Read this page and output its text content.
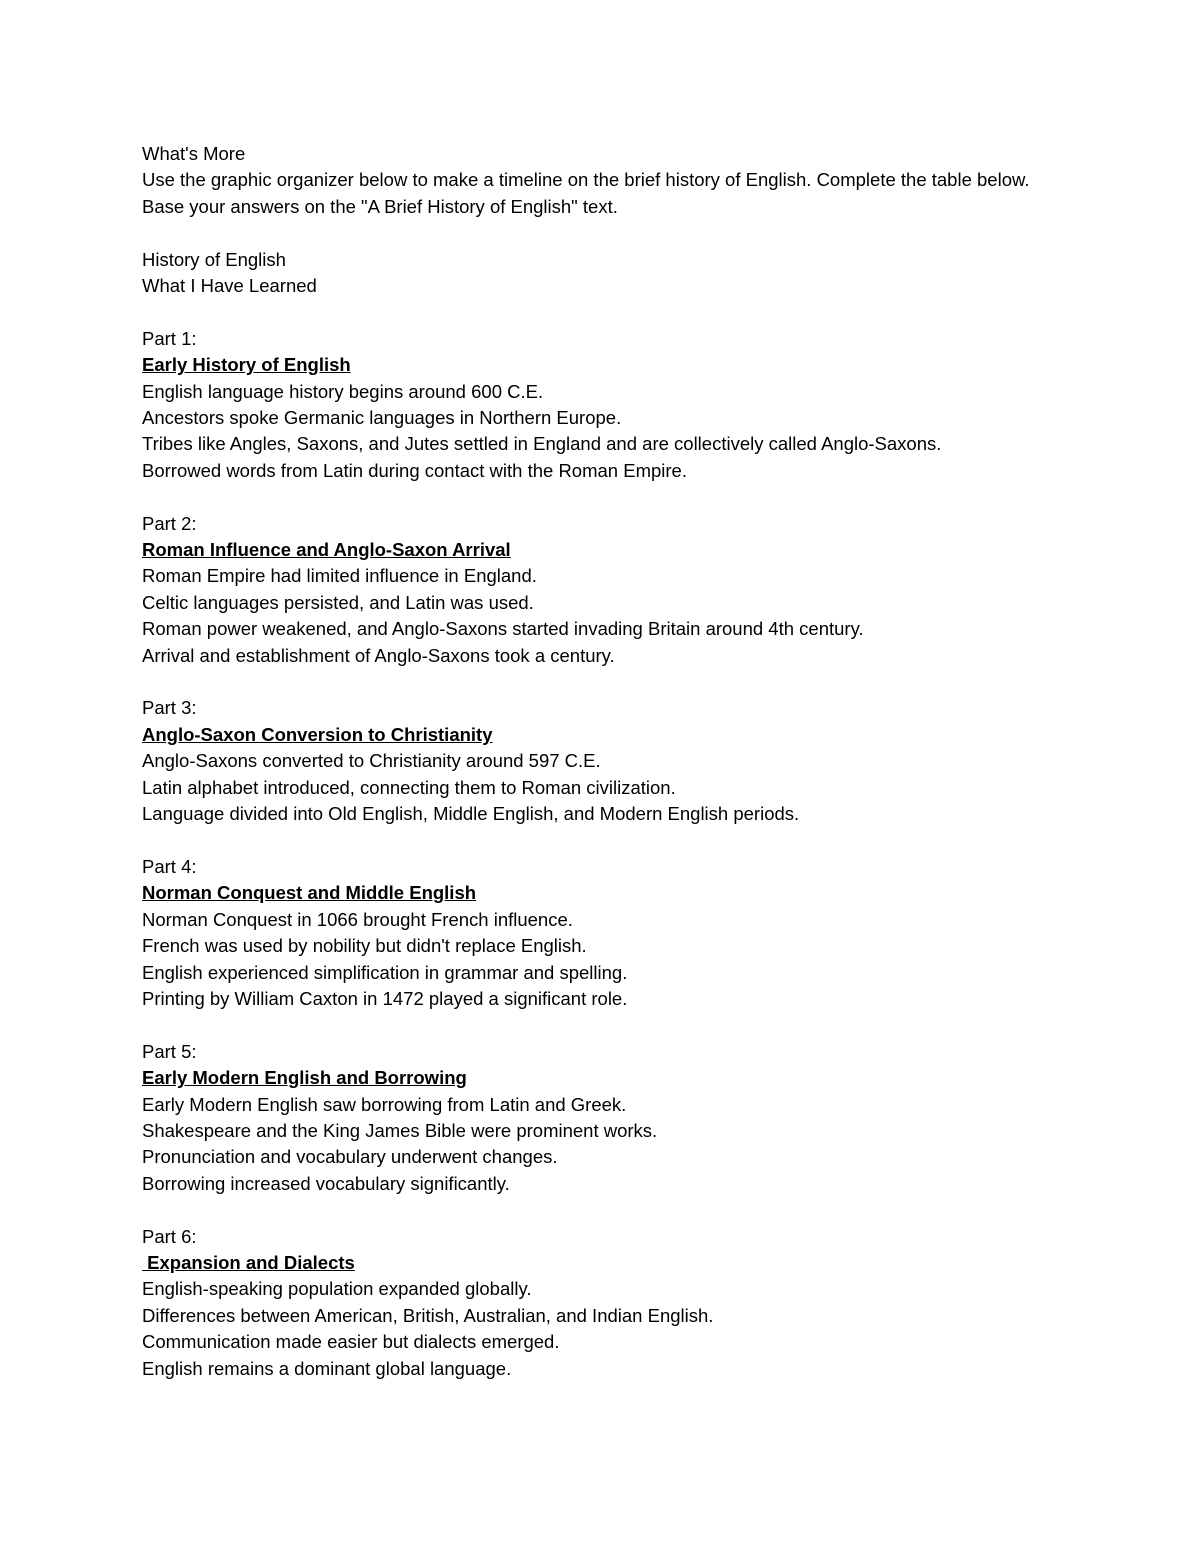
What's More
Use the graphic organizer below to make a timeline on the brief history of English. Complete the table below. Base your answers on the "A Brief History of English" text.
History of English
What I Have Learned
Part 1:
Early History of English
English language history begins around 600 C.E.
Ancestors spoke Germanic languages in Northern Europe.
Tribes like Angles, Saxons, and Jutes settled in England and are collectively called Anglo-Saxons.
Borrowed words from Latin during contact with the Roman Empire.
Part 2:
Roman Influence and Anglo-Saxon Arrival
Roman Empire had limited influence in England.
Celtic languages persisted, and Latin was used.
Roman power weakened, and Anglo-Saxons started invading Britain around 4th century.
Arrival and establishment of Anglo-Saxons took a century.
Part 3:
Anglo-Saxon Conversion to Christianity
Anglo-Saxons converted to Christianity around 597 C.E.
Latin alphabet introduced, connecting them to Roman civilization.
Language divided into Old English, Middle English, and Modern English periods.
Part 4:
Norman Conquest and Middle English
Norman Conquest in 1066 brought French influence.
French was used by nobility but didn't replace English.
English experienced simplification in grammar and spelling.
Printing by William Caxton in 1472 played a significant role.
Part 5:
Early Modern English and Borrowing
Early Modern English saw borrowing from Latin and Greek.
Shakespeare and the King James Bible were prominent works.
Pronunciation and vocabulary underwent changes.
Borrowing increased vocabulary significantly.
Part 6:
Expansion and Dialects
English-speaking population expanded globally.
Differences between American, British, Australian, and Indian English.
Communication made easier but dialects emerged.
English remains a dominant global language.
